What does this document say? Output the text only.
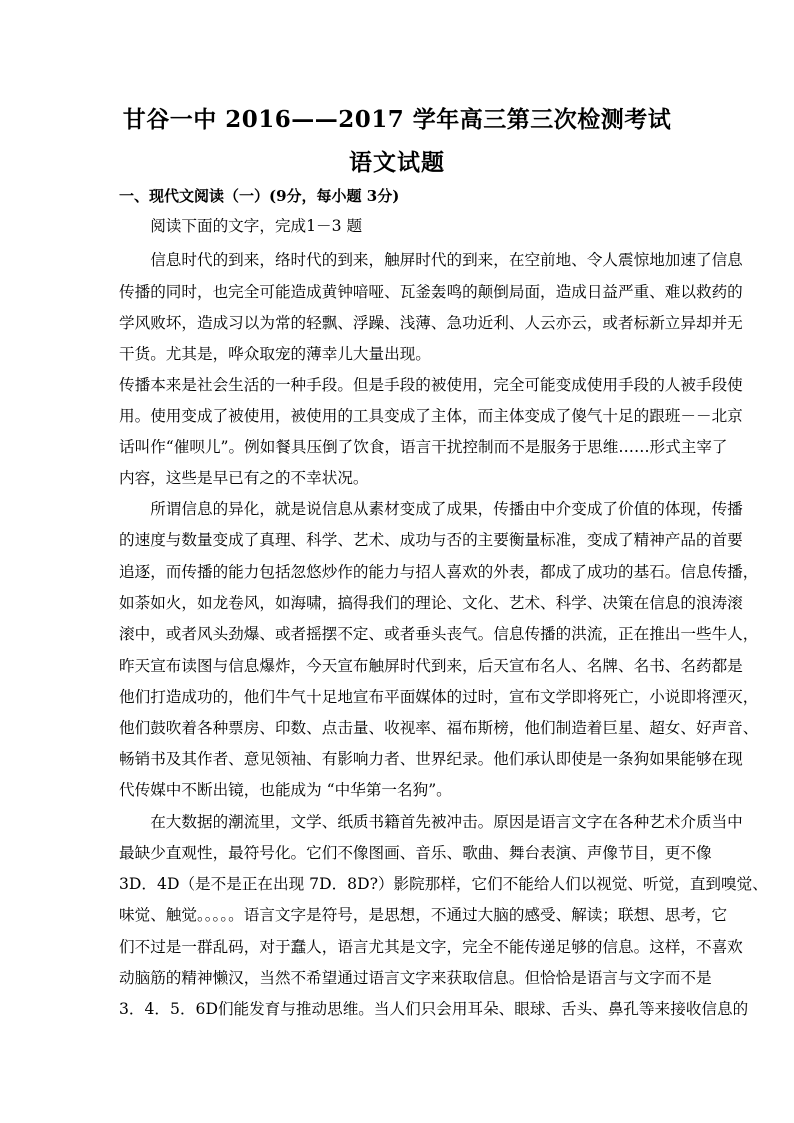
甘谷一中 2016——2017 学年高三第三次检测考试
语文试题
一、现代文阅读（一）(9分，每小题 3分)
　　阅读下面的文字，完成1－3 题
　　信息时代的到来，络时代的到来，触屏时代的到来，在空前地、令人震惊地加速了信息
传播的同时，也完全可能造成黄钟喑哑、瓦釜轰鸣的颠倒局面，造成日益严重、难以救药的
学风败坏，造成习以为常的轻飘、浮躁、浅薄、急功近利、人云亦云，或者标新立异却并无
干货。尤其是，哗众取宠的薄幸儿大量出现。
传播本来是社会生活的一种手段。但是手段的被使用，完全可能变成使用手段的人被手段使
用。使用变成了被使用，被使用的工具变成了主体，而主体变成了傻气十足的跟班－－北京
话叫作“催呗儿”。例如餐具压倒了饮食，语言干扰控制而不是服务于思维……形式主宰了
内容，这些是早已有之的不幸状况。
　　所谓信息的异化，就是说信息从素材变成了成果，传播由中介变成了价值的体现，传播
的速度与数量变成了真理、科学、艺术、成功与否的主要衡量标准，变成了精神产品的首要
追逐，而传播的能力包括忽悠炒作的能力与招人喜欢的外表，都成了成功的基石。信息传播，
如荼如火，如龙卷风，如海啸，搞得我们的理论、文化、艺术、科学、决策在信息的浪涛滚
滚中，或者风头劲爆、或者摇摆不定、或者垂头丧气。信息传播的洪流，正在推出一些牛人，
昨天宣布读图与信息爆炸，今天宣布触屏时代到来，后天宣布名人、名牌、名书、名药都是
他们打造成功的，他们牛气十足地宣布平面媒体的过时，宣布文学即将死亡，小说即将湮灭，
他们鼓吹着各种票房、印数、点击量、收视率、福布斯榜，他们制造着巨星、超女、好声音、
畅销书及其作者、意见领袖、有影响力者、世界纪录。他们承认即使是一条狗如果能够在现
代传媒中不断出镜，也能成为 “中华第一名狗”。
　　在大数据的潮流里，文学、纸质书籍首先被冲击。原因是语言文字在各种艺术介质当中
最缺少直观性，最符号化。它们不像图画、音乐、歌曲、舞台表演、声像节目，更不像
3D．4D（是不是正在出现 7D．8D?）影院那样，它们不能给人们以视觉、听觉，直到嗅觉、
味觉、触觉。。。。。语言文字是符号，是思想，不通过大脑的感受、解读；联想、思考，它
们不过是一群乱码，对于蠢人，语言尤其是文字，完全不能传递足够的信息。这样，不喜欢
动脑筋的精神懒汉，当然不希望通过语言文字来获取信息。但恰恰是语言与文字而不是
3．4．5．6D们能发育与推动思维。当人们只会用耳朵、眼球、舌头、鼻孔等来接收信息的
